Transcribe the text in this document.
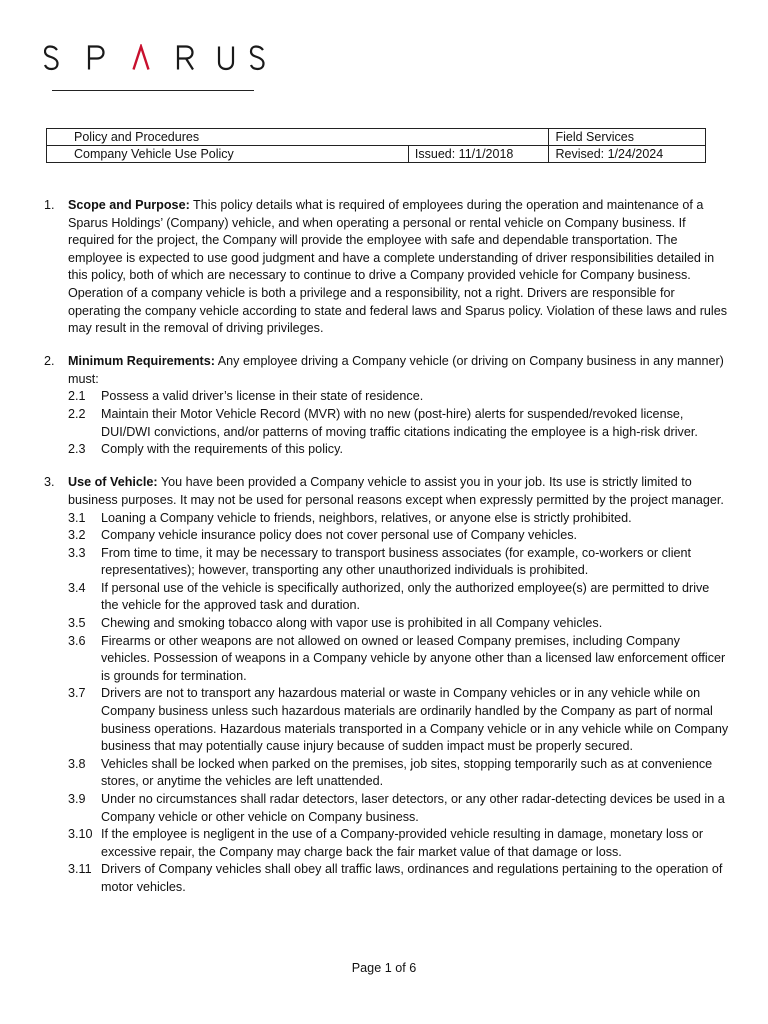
Policy and Procedures		Field Services
Company Vehicle Use Policy	Issued: 11/1/2018	Revised: 1/24/2024
1. Scope and Purpose: This policy details what is required of employees during the operation and maintenance of a Sparus Holdings’ (Company) vehicle, and when operating a personal or rental vehicle on Company business. If required for the project, the Company will provide the employee with safe and dependable transportation. The employee is expected to use good judgment and have a complete understanding of driver responsibilities detailed in this policy, both of which are necessary to continue to drive a Company provided vehicle for Company business. Operation of a company vehicle is both a privilege and a responsibility, not a right. Drivers are responsible for operating the company vehicle according to state and federal laws and Sparus policy. Violation of these laws and rules may result in the removal of driving privileges.
2. Minimum Requirements: Any employee driving a Company vehicle (or driving on Company business in any manner) must:
2.1 Possess a valid driver’s license in their state of residence.
2.2 Maintain their Motor Vehicle Record (MVR) with no new (post-hire) alerts for suspended/revoked license, DUI/DWI convictions, and/or patterns of moving traffic citations indicating the employee is a high-risk driver.
2.3 Comply with the requirements of this policy.
3. Use of Vehicle: You have been provided a Company vehicle to assist you in your job. Its use is strictly limited to business purposes. It may not be used for personal reasons except when expressly permitted by the project manager.
3.1 Loaning a Company vehicle to friends, neighbors, relatives, or anyone else is strictly prohibited.
3.2 Company vehicle insurance policy does not cover personal use of Company vehicles.
3.3 From time to time, it may be necessary to transport business associates (for example, co-workers or client representatives); however, transporting any other unauthorized individuals is prohibited.
3.4 If personal use of the vehicle is specifically authorized, only the authorized employee(s) are permitted to drive the vehicle for the approved task and duration.
3.5 Chewing and smoking tobacco along with vapor use is prohibited in all Company vehicles.
3.6 Firearms or other weapons are not allowed on owned or leased Company premises, including Company vehicles. Possession of weapons in a Company vehicle by anyone other than a licensed law enforcement officer is grounds for termination.
3.7 Drivers are not to transport any hazardous material or waste in Company vehicles or in any vehicle while on Company business unless such hazardous materials are ordinarily handled by the Company as part of normal business operations. Hazardous materials transported in a Company vehicle or in any vehicle while on Company business that may potentially cause injury because of sudden impact must be properly secured.
3.8 Vehicles shall be locked when parked on the premises, job sites, stopping temporarily such as at convenience stores, or anytime the vehicles are left unattended.
3.9 Under no circumstances shall radar detectors, laser detectors, or any other radar-detecting devices be used in a Company vehicle or other vehicle on Company business.
3.10 If the employee is negligent in the use of a Company-provided vehicle resulting in damage, monetary loss or excessive repair, the Company may charge back the fair market value of that damage or loss.
3.11 Drivers of Company vehicles shall obey all traffic laws, ordinances and regulations pertaining to the operation of motor vehicles.
Page 1 of 6
